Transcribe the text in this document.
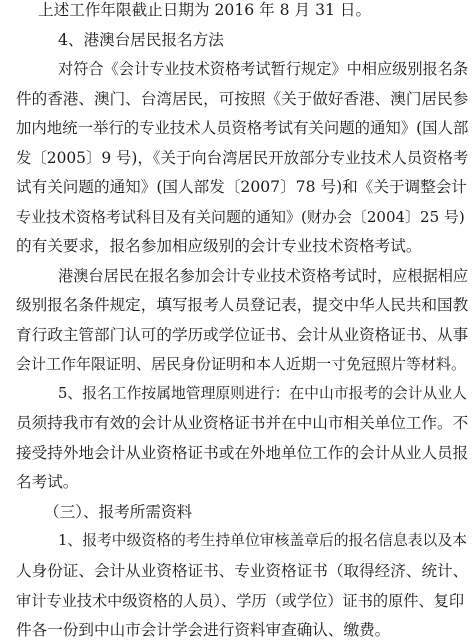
上述工作年限截止日期为 2016 年 8 月 31 日。
4、港澳台居民报名方法
对符合《会计专业技术资格考试暂行规定》中相应级别报名条
件的香港、澳门、台湾居民，可按照《关于做好香港、澳门居民参
加内地统一举行的专业技术人员资格考试有关问题的通知》(国人部
发〔2005〕9 号)，《关于向台湾居民开放部分专业技术人员资格考
试有关问题的通知》(国人部发〔2007〕78 号)和《关于调整会计
专业技术资格考试科目及有关问题的通知》(财办会〔2004〕25 号)
的有关要求，报名参加相应级别的会计专业技术资格考试。
港澳台居民在报名参加会计专业技术资格考试时，应根据相应
级别报名条件规定，填写报考人员登记表，提交中华人民共和国教
育行政主管部门认可的学历或学位证书、会计从业资格证书、从事
会计工作年限证明、居民身份证明和本人近期一寸免冠照片等材料。
5、报名工作按属地管理原则进行：在中山市报考的会计从业人
员须持我市有效的会计从业资格证书并在中山市相关单位工作。不
接受持外地会计从业资格证书或在外地单位工作的会计从业人员报
名考试。
（三）、报考所需资料
1、报考中级资格的考生持单位审核盖章后的报名信息表以及本
人身份证、会计从业资格证书、专业资格证书（取得经济、统计、
审计专业技术中级资格的人员）、学历（或学位）证书的原件、复印
件各一份到中山市会计学会进行资料审查确认、缴费。
